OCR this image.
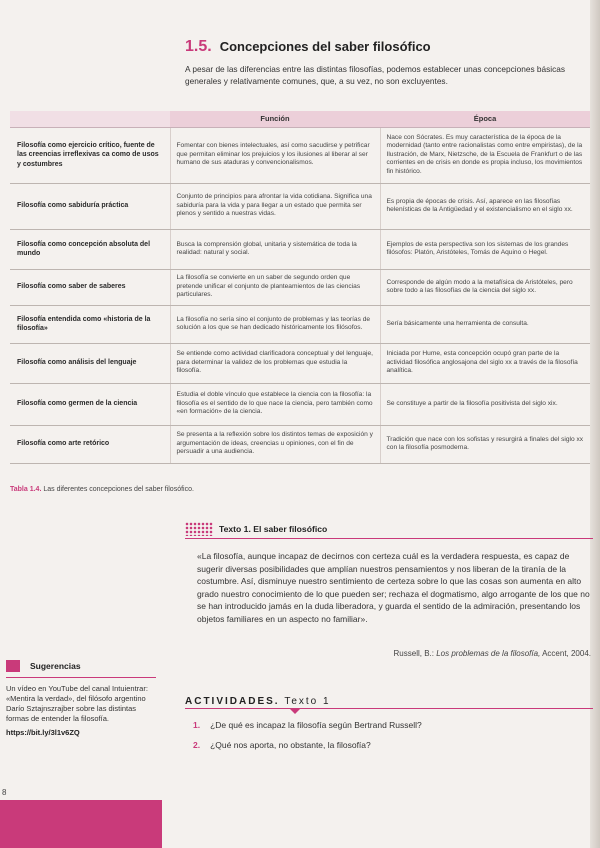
1.5. Concepciones del saber filosófico

A pesar de las diferencias entre las distintas filosofías, podemos establecer unas concepciones básicas generales y relativamente comunes, que, a su vez, no son excluyentes.

	Función	Época
Filosofía como ejercicio crítico, fuente de las creencias irreflexivas ca como de usos y costumbres	Fomentar con bienes intelectuales, así como sacudirse y petrificar que permitan eliminar los prejuicios y los ilusiones al liberar al ser humano de sus ataduras y convencionalismos.	Nace con Sócrates. Es muy característica de la época de la modernidad (tanto entre racionalistas como entre empiristas), de la Ilustración, de Marx, Nietzsche, de la Escuela de Frankfurt o de las corrientes en de crisis en donde es propia incluso, los movimientos fin histórico.
Filosofía como sabiduría práctica	Conjunto de principios para afrontar la vida cotidiana. Significa una sabiduría para la vida y para llegar a un estado que permita ser plenos y sentido a nuestras vidas.	Es propia de épocas de crisis. Así, aparece en las filosofías helenísticas de la Antigüedad y el existencialismo en el siglo xx.
Filosofía como concepción absoluta del mundo	Busca la comprensión global, unitaria y sistemática de toda la realidad: natural y social.	Ejemplos de esta perspectiva son los sistemas de los grandes filósofos: Platón, Aristóteles, Tomás de Aquino o Hegel.
Filosofía como saber de saberes	La filosofía se convierte en un saber de segundo orden que pretende unificar el conjunto de planteamientos de las ciencias particulares.	Corresponde de algún modo a la metafísica de Aristóteles, pero sobre todo a las filosofías de la ciencia del siglo xx.
Filosofía entendida como «historia de la filosofía»	La filosofía no sería sino el conjunto de problemas y las teorías de solución a los que se han dedicado históricamente los filósofos.	Sería básicamente una herramienta de consulta.
Filosofía como análisis del lenguaje	Se entiende como actividad clarificadora conceptual y del lenguaje, para determinar la validez de los problemas que estudia la filosofía.	Iniciada por Hume, esta concepción ocupó gran parte de la actividad filosófica anglosajona del siglo xx a través de la filosofía analítica.
Filosofía como germen de la ciencia	Estudia el doble vínculo que establece la ciencia con la filosofía: la filosofía es el sentido de lo que nace la ciencia, pero también como «en formación» de la ciencia.	Se constituye a partir de la filosofía positivista del siglo xix.
Filosofía como arte retórico	Se presenta a la reflexión sobre los distintos temas de exposición y argumentación de ideas, creencias u opiniones, con el fin de persuadir a una audiencia.	Tradición que nace con los sofistas y resurgirá a finales del siglo xx con la filosofía posmoderna.
Tabla 1.4. Las diferentes concepciones del saber filosófico.
Texto 1. El saber filosófico

«La filosofía, aunque incapaz de decirnos con certeza cuál es la verdadera respuesta, es capaz de sugerir diversas posibilidades que amplían nuestros pensamientos y nos liberan de la tiranía de la costumbre. Así, disminuye nuestro sentimiento de certeza sobre lo que las cosas son aumenta en alto grado nuestro conocimiento de lo que pueden ser; rechaza el dogmatismo, algo arrogante de los que no se han introducido jamás en la duda liberadora, y guarda el sentido de la admiración, presentando los objetos familiares en un aspecto no familiar».

Russell, B.: Los problemas de la filosofía, Accent, 2004.

Sugerencias

Un vídeo en YouTube del canal Intuientrar: «Mentira la verdad», del filósofo argentino Darío Sztajnszrajber sobre las distintas formas de entender la filosofía.

https://bit.ly/3l1v6ZQ

ACTIVIDADES. Texto 1
1. ¿De qué es incapaz la filosofía según Bertrand Russell?
2. ¿Qué nos aporta, no obstante, la filosofía?
8
